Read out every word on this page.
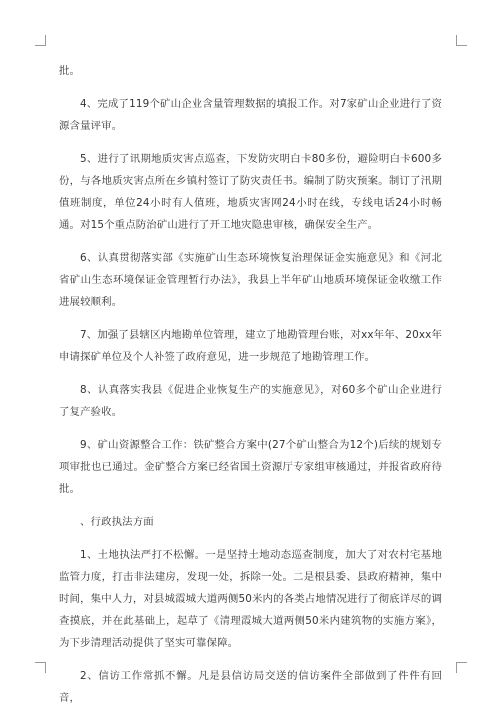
批。

4、完成了119个矿山企业含量管理数据的填报工作。对7家矿山企业进行了资源含量评审。

5、进行了讯期地质灾害点巡查，下发防灾明白卡80多份，避险明白卡600多份，与各地质灾害点所在乡镇村签订了防灾责任书。编制了防灾预案。制订了汛期值班制度，单位24小时有人值班，地质灾害网24小时在线，专线电话24小时畅通。对15个重点防治矿山进行了开工地灾隐患审核，确保安全生产。

6、认真贯彻落实部《实施矿山生态环境恢复治理保证金实施意见》和《河北省矿山生态环境保证金管理暂行办法》，我县上半年矿山地质环境保证金收缴工作进展较顺利。

7、加强了县辖区内地勘单位管理，建立了地勘管理台账，对xx年年、20xx年申请探矿单位及个人补签了政府意见，进一步规范了地勘管理工作。

8、认真落实我县《促进企业恢复生产的实施意见》，对60多个矿山企业进行了复产验收。

9、矿山资源整合工作：铁矿整合方案中(27个矿山整合为12个)后续的规划专项审批也已通过。金矿整合方案已经省国土资源厅专家组审核通过，并报省政府待批。

、行政执法方面

1、土地执法严打不松懈。一是坚持土地动态巡查制度，加大了对农村宅基地监管力度，打击非法建房，发现一处，拆除一处。二是根县委、县政府精神，集中时间，集中人力，对县城霞城大道两侧50米内的各类占地情况进行了彻底详尽的调查摸底，并在此基础上，起草了《清理霞城大道两侧50米内建筑物的实施方案》，为下步清理活动提供了坚实可靠保障。

2、信访工作常抓不懈。凡是县信访局交送的信访案件全部做到了件件有回音，
